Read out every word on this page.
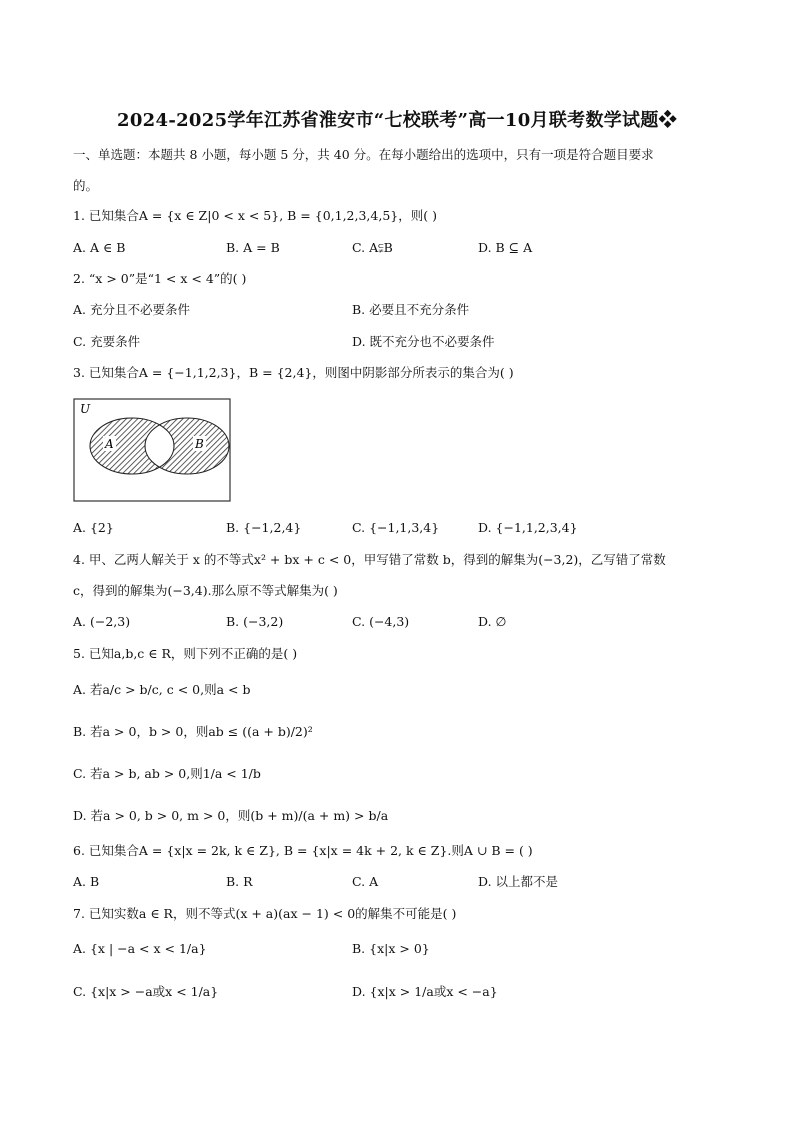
2024-2025学年江苏省淮安市“七校联考”高一10月联考数学试题❖
一、单选题：本题共 8 小题，每小题 5 分，共 40 分。在每小题给出的选项中，只有一项是符合题目要求
的。
1. 已知集合A = {x ∈ Z|0 < x < 5}, B = {0,1,2,3,4,5}，则( )
A. A ∈ B	B. A = B	C. A⫋B	D. B ⊆ A
2. “x > 0”是“1 < x < 4”的( )
A. 充分且不必要条件	B. 必要且不充分条件
C. 充要条件	D. 既不充分也不必要条件
3. 已知集合A = {−1,1,2,3}，B = {2,4}，则图中阴影部分所表示的集合为( )
U
A	B
A. {2}	B. {−1,2,4}	C. {−1,1,3,4}	D. {−1,1,2,3,4}
4. 甲、乙两人解关于 x 的不等式x² + bx + c < 0，甲写错了常数 b，得到的解集为(−3,2)，乙写错了常数
c，得到的解集为(−3,4).那么原不等式解集为( )
A. (−2,3)	B. (−3,2)	C. (−4,3)	D. ∅
5. 已知a,b,c ∈ R，则下列不正确的是( )
A. 若a/c > b/c, c < 0,则a < b
B. 若a > 0，b > 0，则ab ≤ ((a + b)/2)²
C. 若a > b, ab > 0,则1/a < 1/b
D. 若a > 0, b > 0, m > 0，则(b + m)/(a + m) > b/a
6. 已知集合A = {x|x = 2k, k ∈ Z}, B = {x|x = 4k + 2, k ∈ Z}.则A ∪ B = ( )
A. B	B. R	C. A	D. 以上都不是
7. 已知实数a ∈ R，则不等式(x + a)(ax − 1) < 0的解集不可能是( )
A. {x | −a < x < 1/a}	B. {x|x > 0}
C. {x|x > −a或x < 1/a}	D. {x|x > 1/a或x < −a}
